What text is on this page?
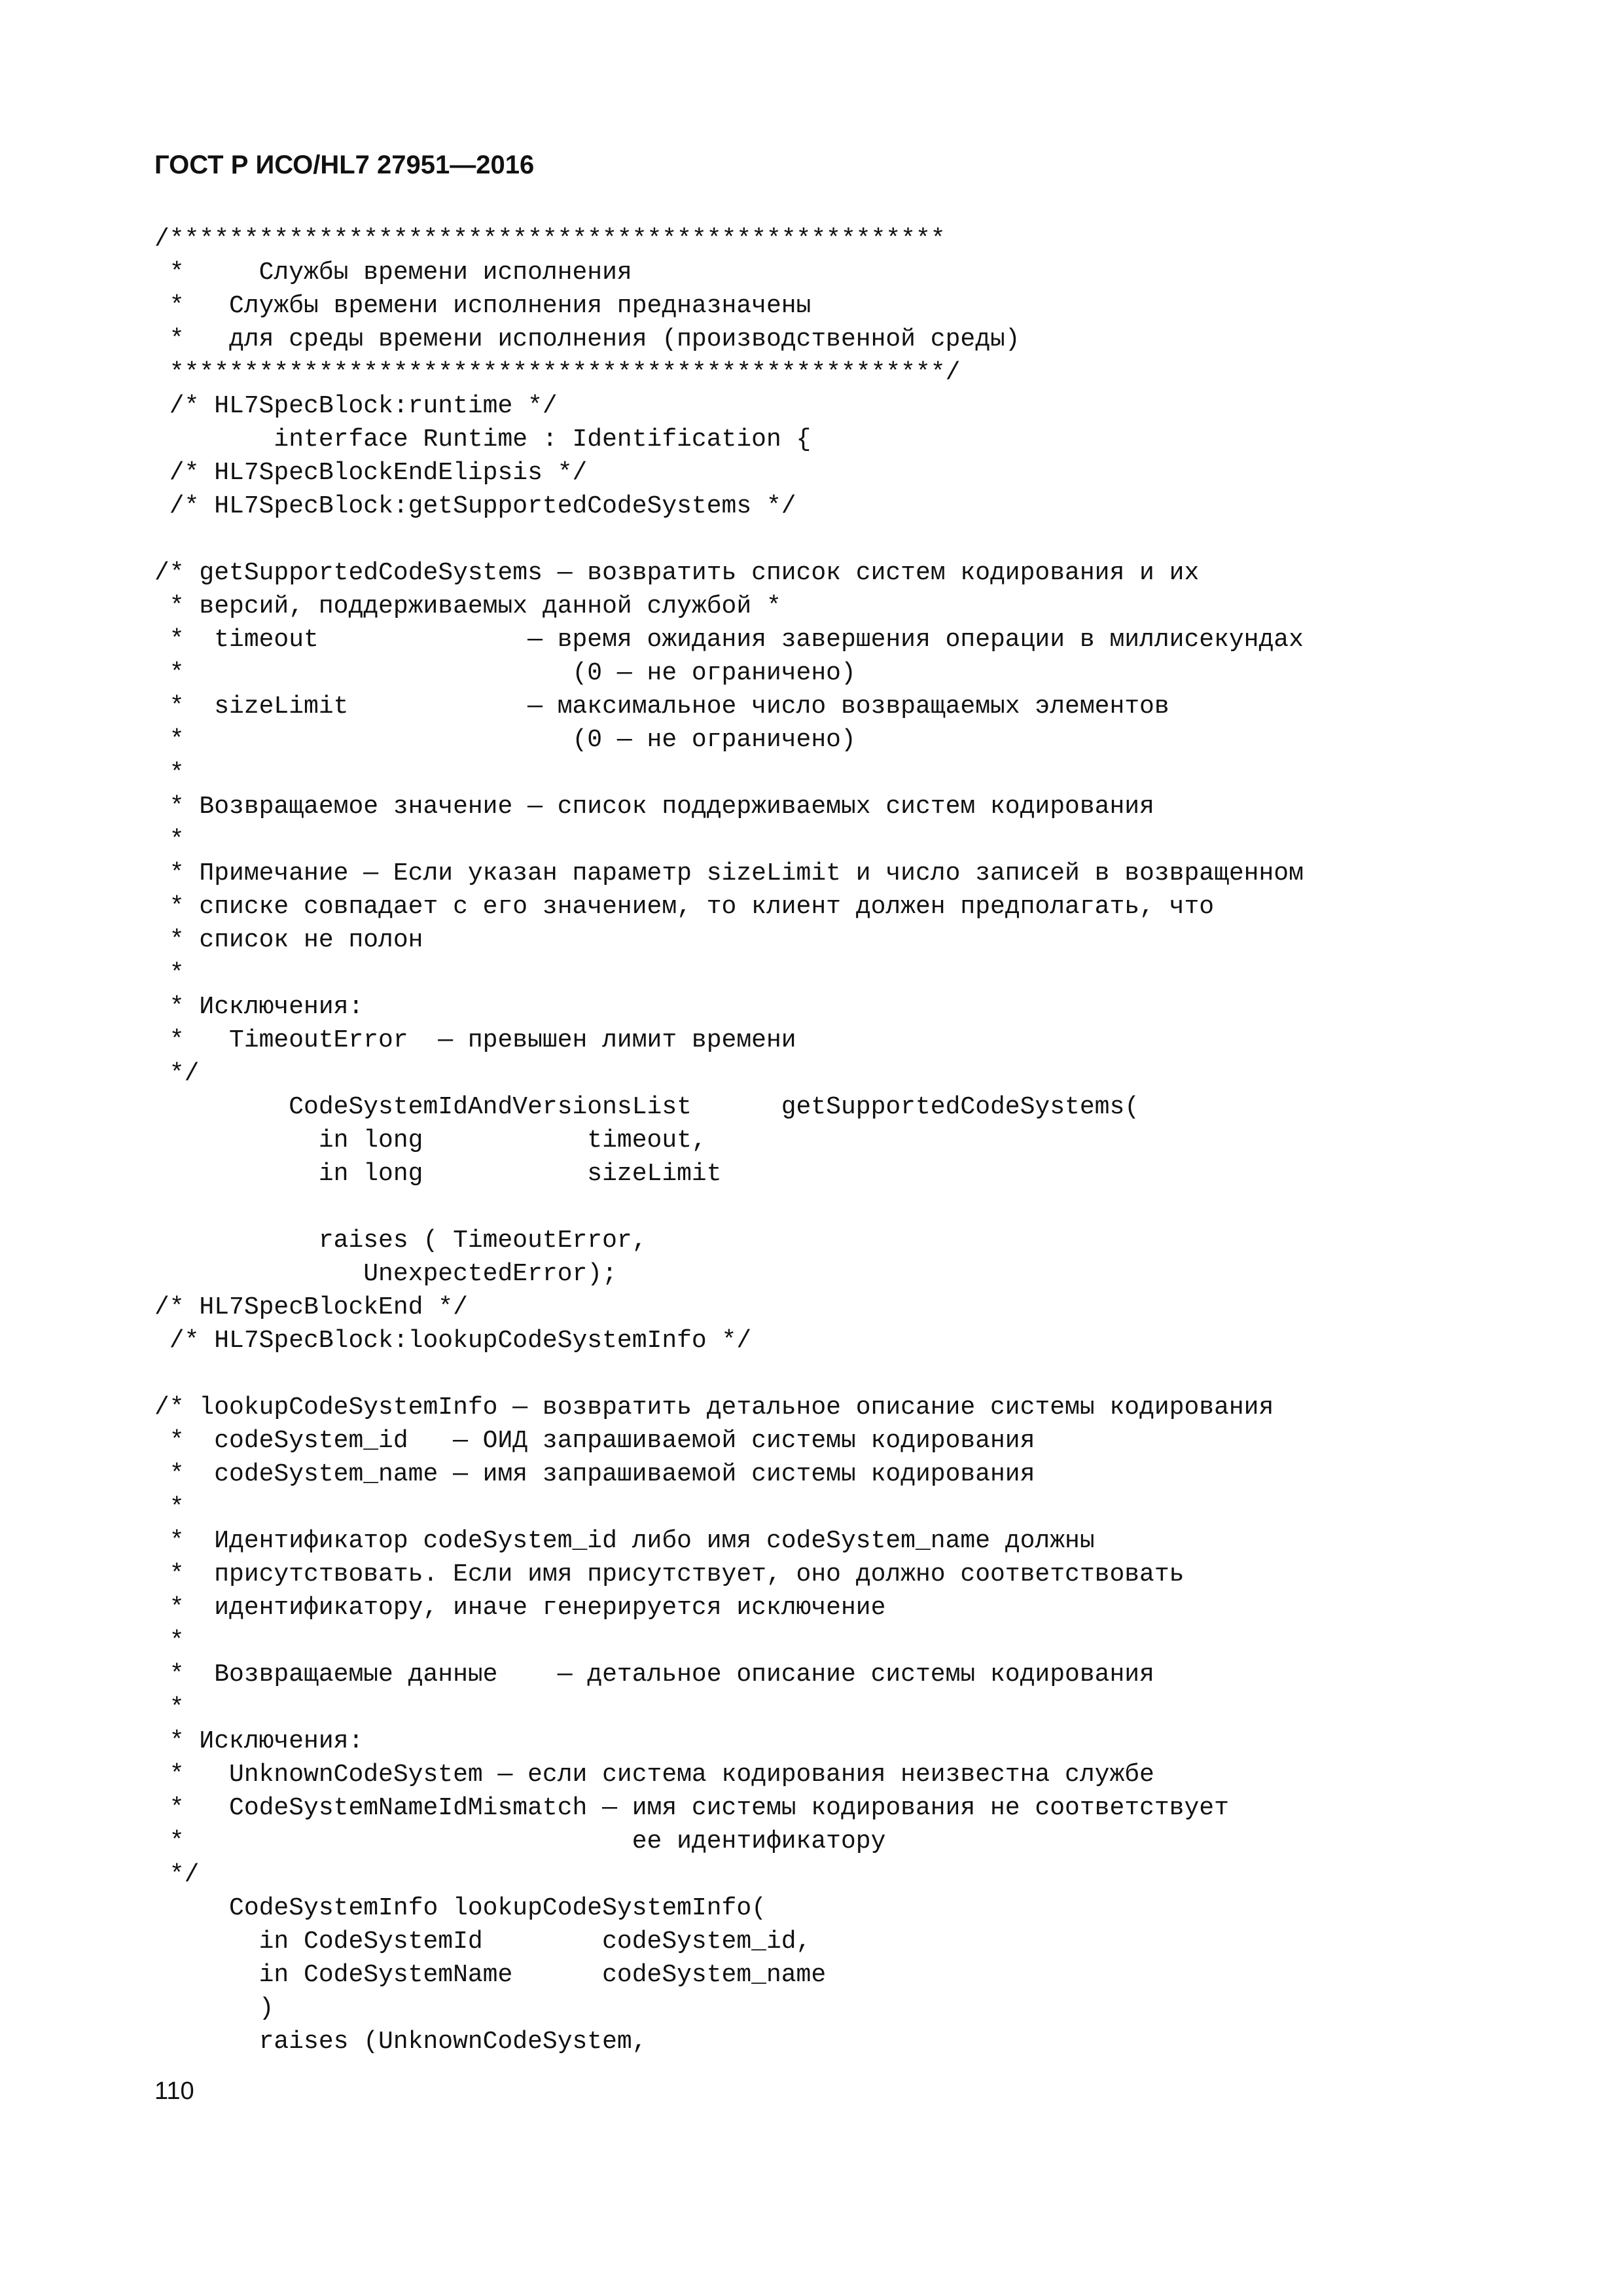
ГОСТ Р ИСО/HL7 27951—2016
/****************************************************
*     Службы времени исполнения
*   Службы времени исполнения предназначены
*   для среды времени исполнения (производственной среды)
****************************************************/
/* HL7SpecBlock:runtime */
interface Runtime : Identification {
/* HL7SpecBlockEndElipsis */
/* HL7SpecBlock:getSupportedCodeSystems */
/* getSupportedCodeSystems — возвратить список систем кодирования и их
* версий, поддерживаемых данной службой *
*  timeout              — время ожидания завершения операции в миллисекундах
*                          (0 — не ограничено)
*  sizeLimit            — максимальное число возвращаемых элементов
*                          (0 — не ограничено)
*
* Возвращаемое значение — список поддерживаемых систем кодирования
*
* Примечание — Если указан параметр sizeLimit и число записей в возвращенном
* списке совпадает с его значением, то клиент должен предполагать, что
* список не полон
*
* Исключения:
*   TimeoutError  — превышен лимит времени
*/
CodeSystemIdAndVersionsList      getSupportedCodeSystems(
in long           timeout,
in long           sizeLimit
raises ( TimeoutError,
UnexpectedError);
/* HL7SpecBlockEnd */
/* HL7SpecBlock:lookupCodeSystemInfo */
/* lookupCodeSystemInfo — возвратить детальное описание системы кодирования
*  codeSystem_id   — ОИД запрашиваемой системы кодирования
*  codeSystem_name — имя запрашиваемой системы кодирования
*
*  Идентификатор codeSystem_id либо имя codeSystem_name должны
*  присутствовать. Если имя присутствует, оно должно соответствовать
*  идентификатору, иначе генерируется исключение
*
*  Возвращаемые данные    — детальное описание системы кодирования
*
* Исключения:
*   UnknownCodeSystem — если система кодирования неизвестна службе
*   CodeSystemNameIdMismatch — имя системы кодирования не соответствует
*                              ее идентификатору
*/
CodeSystemInfo lookupCodeSystemInfo(
in CodeSystemId        codeSystem_id,
in CodeSystemName      codeSystem_name
)
raises (UnknownCodeSystem,
110
